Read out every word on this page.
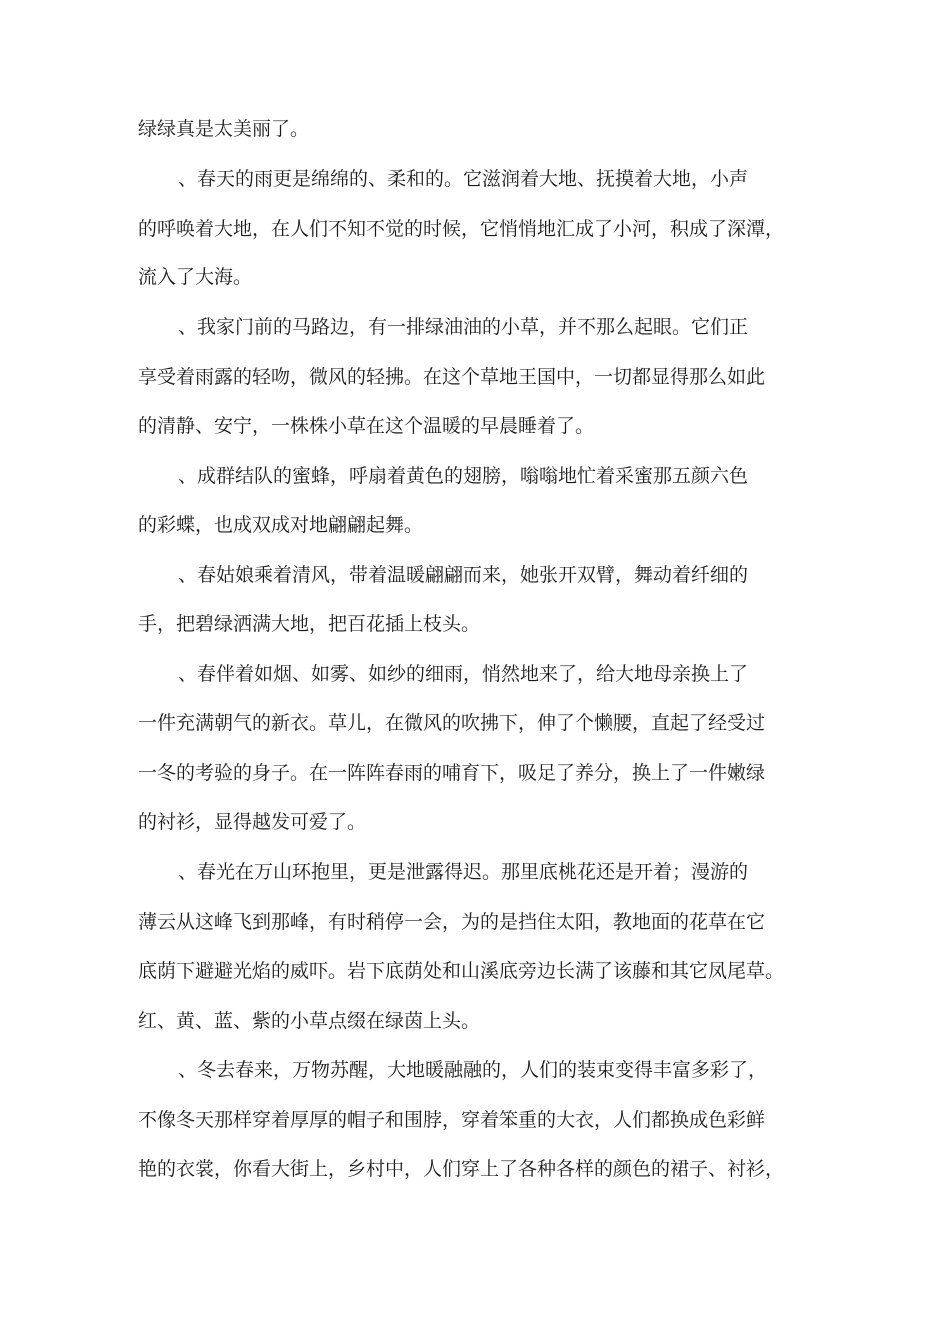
绿绿真是太美丽了。
、春天的雨更是绵绵的、柔和的。它滋润着大地、抚摸着大地，小声
的呼唤着大地，在人们不知不觉的时候，它悄悄地汇成了小河，积成了深潭，
流入了大海。
、我家门前的马路边，有一排绿油油的小草，并不那么起眼。它们正
享受着雨露的轻吻，微风的轻拂。在这个草地王国中，一切都显得那么如此
的清静、安宁，一株株小草在这个温暖的早晨睡着了。
、成群结队的蜜蜂，呼扇着黄色的翅膀，嗡嗡地忙着采蜜那五颜六色
的彩蝶，也成双成对地翩翩起舞。
、春姑娘乘着清风，带着温暖翩翩而来，她张开双臂，舞动着纤细的
手，把碧绿洒满大地，把百花插上枝头。
、春伴着如烟、如雾、如纱的细雨，悄然地来了，给大地母亲换上了
一件充满朝气的新衣。草儿，在微风的吹拂下，伸了个懒腰，直起了经受过
一冬的考验的身子。在一阵阵春雨的哺育下，吸足了养分，换上了一件嫩绿
的衬衫，显得越发可爱了。
、春光在万山环抱里，更是泄露得迟。那里底桃花还是开着；漫游的
薄云从这峰飞到那峰，有时稍停一会，为的是挡住太阳，教地面的花草在它
底荫下避避光焰的威吓。岩下底荫处和山溪底旁边长满了该藤和其它凤尾草。
红、黄、蓝、紫的小草点缀在绿茵上头。
、冬去春来，万物苏醒，大地暖融融的，人们的装束变得丰富多彩了，
不像冬天那样穿着厚厚的帽子和围脖，穿着笨重的大衣，人们都换成色彩鲜
艳的衣裳，你看大街上，乡村中，人们穿上了各种各样的颜色的裙子、衬衫，
